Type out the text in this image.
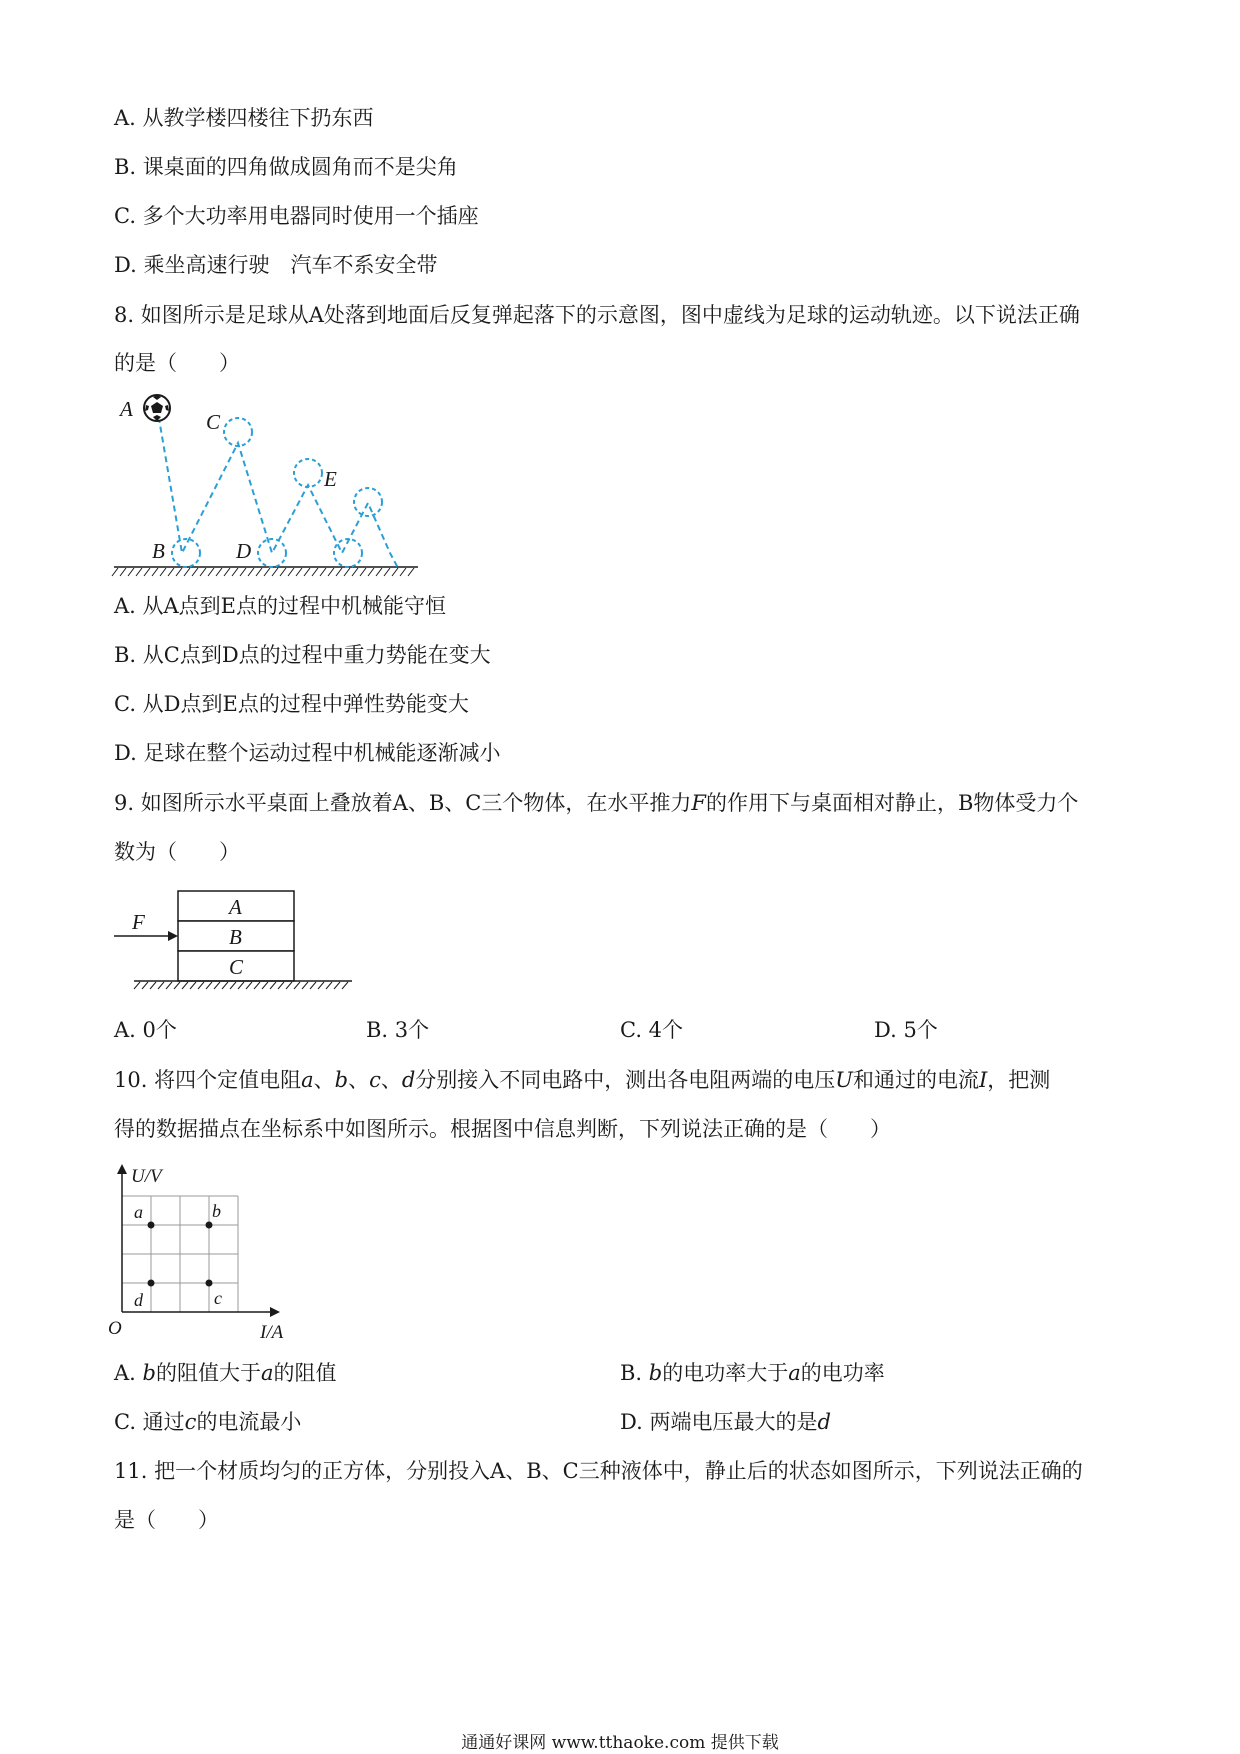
A. 从教学楼四楼往下扔东西
B. 课桌面的四角做成圆角而不是尖角
C. 多个大功率用电器同时使用一个插座
D. 乘坐高速行驶　汽车不系安全带
8. 如图所示是足球从A处落到地面后反复弹起落下的示意图，图中虚线为足球的运动轨迹。以下说法正确
的是（　　）
A
C
E
B	D
A. 从A点到E点的过程中机械能守恒
B. 从C点到D点的过程中重力势能在变大
C. 从D点到E点的过程中弹性势能变大
D. 足球在整个运动过程中机械能逐渐减小
9. 如图所示水平桌面上叠放着A、B、C三个物体，在水平推力F的作用下与桌面相对静止，B物体受力个
数为（　　）
F
A
B
C
A. 0个	B. 3个	C. 4个	D. 5个
10. 将四个定值电阻a、b、c、d分别接入不同电路中，测出各电阻两端的电压U和通过的电流I，把测
得的数据描点在坐标系中如图所示。根据图中信息判断，下列说法正确的是（　　）
U/V
I/A
O
a	b
c
d
A. b的阻值大于a的阻值	B. b的电功率大于a的电功率
C. 通过c的电流最小	D. 两端电压最大的是d
11. 把一个材质均匀的正方体，分别投入A、B、C三种液体中，静止后的状态如图所示，下列说法正确的
是（　　）
通通好课网 www.tthaoke.com 提供下载
